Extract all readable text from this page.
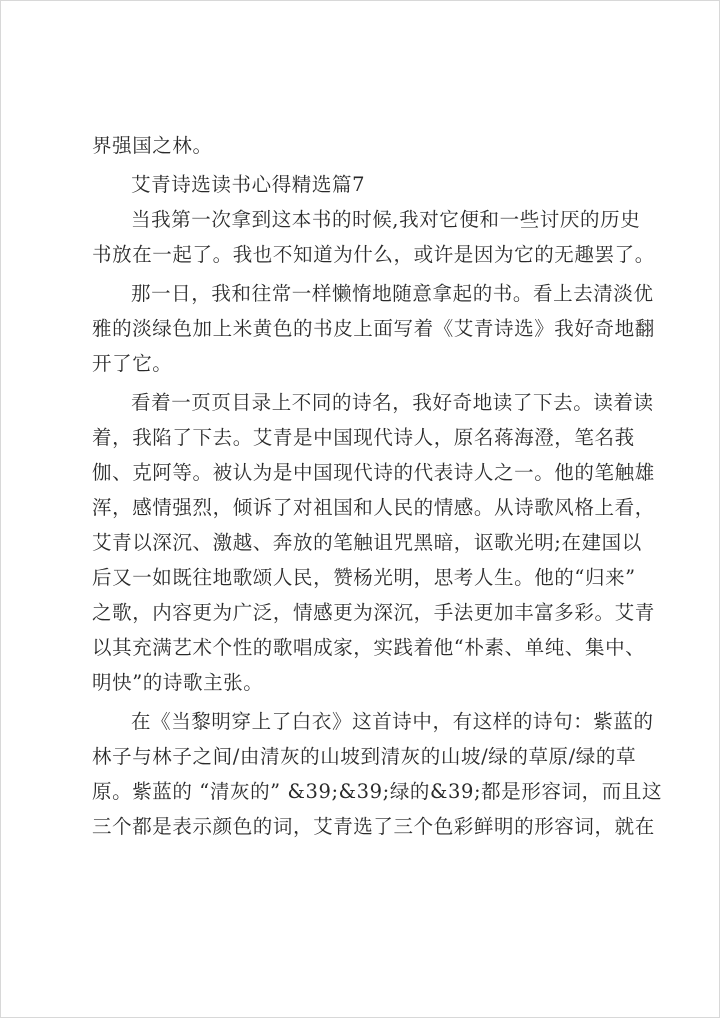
界强国之林。
艾青诗选读书心得精选篇7
当我第一次拿到这本书的时候,我对它便和一些讨厌的历史
书放在一起了。我也不知道为什么，或许是因为它的无趣罢了。
那一日，我和往常一样懒惰地随意拿起的书。看上去清淡优
雅的淡绿色加上米黄色的书皮上面写着《艾青诗选》我好奇地翻
开了它。
看着一页页目录上不同的诗名，我好奇地读了下去。读着读
着，我陷了下去。艾青是中国现代诗人，原名蒋海澄，笔名莪
伽、克阿等。被认为是中国现代诗的代表诗人之一。他的笔触雄
浑，感情强烈，倾诉了对祖国和人民的情感。从诗歌风格上看，
艾青以深沉、激越、奔放的笔触诅咒黑暗，讴歌光明;在建国以
后又一如既往地歌颂人民，赞杨光明，思考人生。他的“归来”
之歌，内容更为广泛，情感更为深沉，手法更加丰富多彩。艾青
以其充满艺术个性的歌唱成家，实践着他“朴素、单纯、集中、
明快”的诗歌主张。
在《当黎明穿上了白衣》这首诗中，有这样的诗句：紫蓝的
林子与林子之间/由清灰的山坡到清灰的山坡/绿的草原/绿的草
原。紫蓝的 “清灰的” &39;&39;绿的&39;都是形容词，而且这
三个都是表示颜色的词，艾青选了三个色彩鲜明的形容词，就在
